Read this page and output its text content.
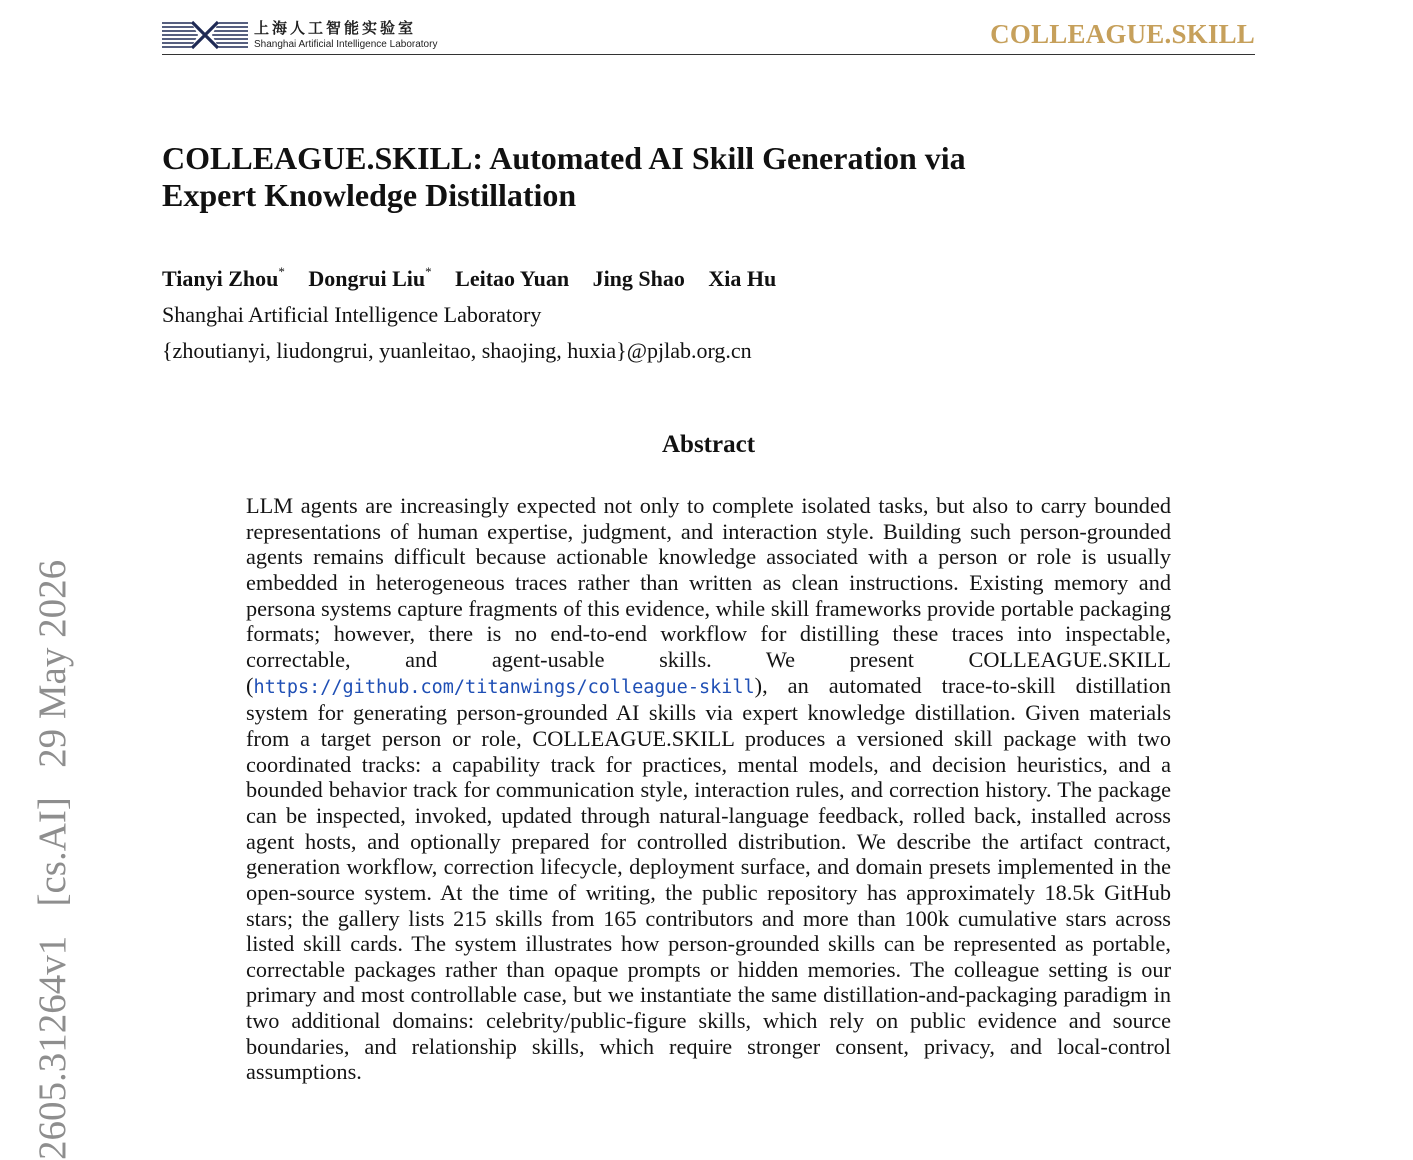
上海人工智能实验室
Shanghai Artificial Intelligence Laboratory	COLLEAGUE.SKILL
COLLEAGUE.SKILL: Automated AI Skill Generation via
Expert Knowledge Distillation
Tianyi Zhou* Dongrui Liu* Leitao Yuan Jing Shao Xia Hu
Shanghai Artificial Intelligence Laboratory
{zhoutianyi, liudongrui, yuanleitao, shaojing, huxia}@pjlab.org.cn
Abstract

LLM agents are increasingly expected not only to complete isolated tasks, but also to carry bounded representations of human expertise, judgment, and interaction style. Building such person-grounded agents remains difficult because actionable knowledge associated with a person or role is usually embedded in heterogeneous traces rather than written as clean instructions. Existing memory and persona systems capture fragments of this evidence, while skill frameworks provide portable packaging formats; however, there is no end-to-end workflow for distilling these traces into inspectable, correctable, and agent-usable skills. We present COLLEAGUE.SKILL (https://github.com/titanwings/colleague-skill), an automated trace-to-skill distillation system for generating person-grounded AI skills via expert knowledge distillation. Given materials from a target person or role, COLLEAGUE.SKILL produces a versioned skill package with two coordinated tracks: a capability track for practices, mental models, and decision heuristics, and a bounded behavior track for communication style, interaction rules, and correction history. The package can be inspected, invoked, updated through natural-language feedback, rolled back, installed across agent hosts, and optionally prepared for controlled distribution. We describe the artifact contract, generation workflow, correction lifecycle, deployment surface, and domain presets implemented in the open-source system. At the time of writing, the public repository has approximately 18.5k GitHub stars; the gallery lists 215 skills from 165 contributors and more than 100k cumulative stars across listed skill cards. The system illustrates how person-grounded skills can be represented as portable, correctable packages rather than opaque prompts or hidden memories. The colleague setting is our primary and most controllable case, but we instantiate the same distillation-and-packaging paradigm in two additional domains: celebrity/public-figure skills, which rely on public evidence and source boundaries, and relationship skills, which require stronger consent, privacy, and local-control assumptions.

2605.31264v1   [cs.AI]   29 May 2026
